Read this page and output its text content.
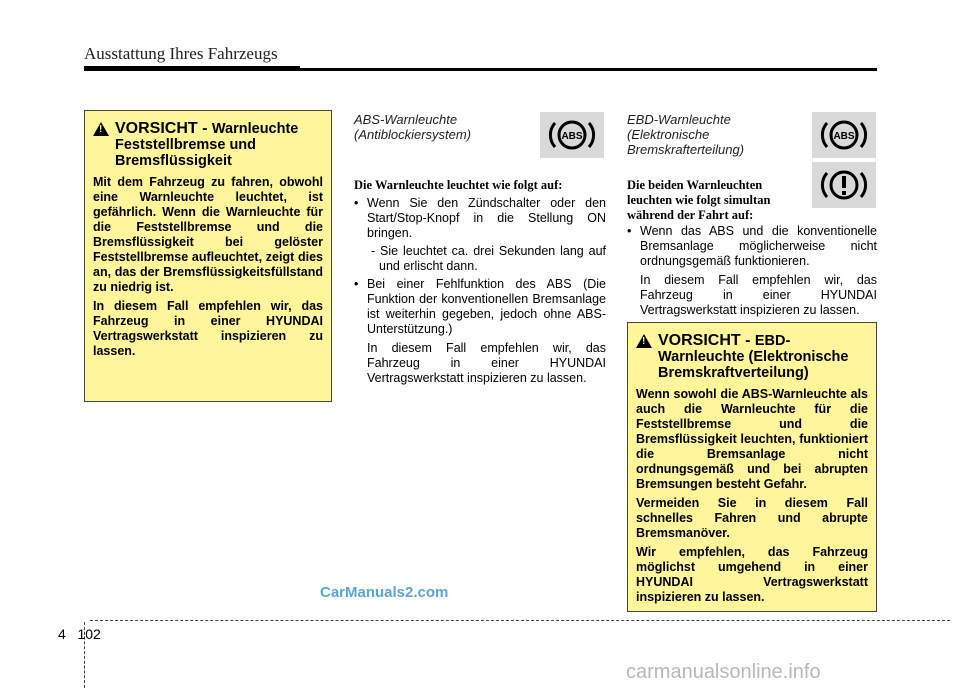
Ausstattung Ihres Fahrzeugs
!
VORSICHT - Warnleuchte Feststellbremse und Bremsflüssigkeit

Mit dem Fahrzeug zu fahren, obwohl eine Warnleuchte leuchtet, ist gefährlich. Wenn die Warnleuchte für die Feststellbremse und die Bremsflüssigkeit bei gelöster Feststellbremse aufleuchtet, zeigt dies an, das der Bremsflüssigkeitsfüllstand zu niedrig ist.

In diesem Fall empfehlen wir, das Fahrzeug in einer HYUNDAI Vertragswerkstatt inspizieren zu lassen.

ABS-Warnleuchte
(Antiblockiersystem)	ABS
Die Warnleuchte leuchtet wie folgt auf:
• Wenn Sie den Zündschalter oder den Start/Stop-Knopf in die Stellung ON bringen.
- Sie leuchtet ca. drei Sekunden lang auf und erlischt dann.
• Bei einer Fehlfunktion des ABS (Die Funktion der konventionellen Bremsanlage ist weiterhin gegeben, jedoch ohne ABS-Unterstützung.)
In diesem Fall empfehlen wir, das Fahrzeug in einer HYUNDAI Vertragswerkstatt inspizieren zu lassen.
EBD-Warnleuchte
(Elektronische
Bremskrafterteilung)
ABS
Die beiden Warnleuchten leuchten wie folgt simultan während der Fahrt auf:
• Wenn das ABS und die konventionelle Bremsanlage möglicherweise nicht ordnungsgemäß funktionieren.
In diesem Fall empfehlen wir, das Fahrzeug in einer HYUNDAI Vertragswerkstatt inspizieren zu lassen.
!
VORSICHT - EBD- Warnleuchte (Elektronische Bremskraftverteilung)

Wenn sowohl die ABS-Warnleuchte als auch die Warnleuchte für die Feststellbremse und die Bremsflüssigkeit leuchten, funktioniert die Bremsanlage nicht ordnungsgemäß und bei abrupten Bremsungen besteht Gefahr.

Vermeiden Sie in diesem Fall schnelles Fahren und abrupte Bremsmanöver.

Wir empfehlen, das Fahrzeug möglichst umgehend in einer HYUNDAI Vertragswerkstatt inspizieren zu lassen.

CarManuals2.com
4 102
carmanualsonline.info
